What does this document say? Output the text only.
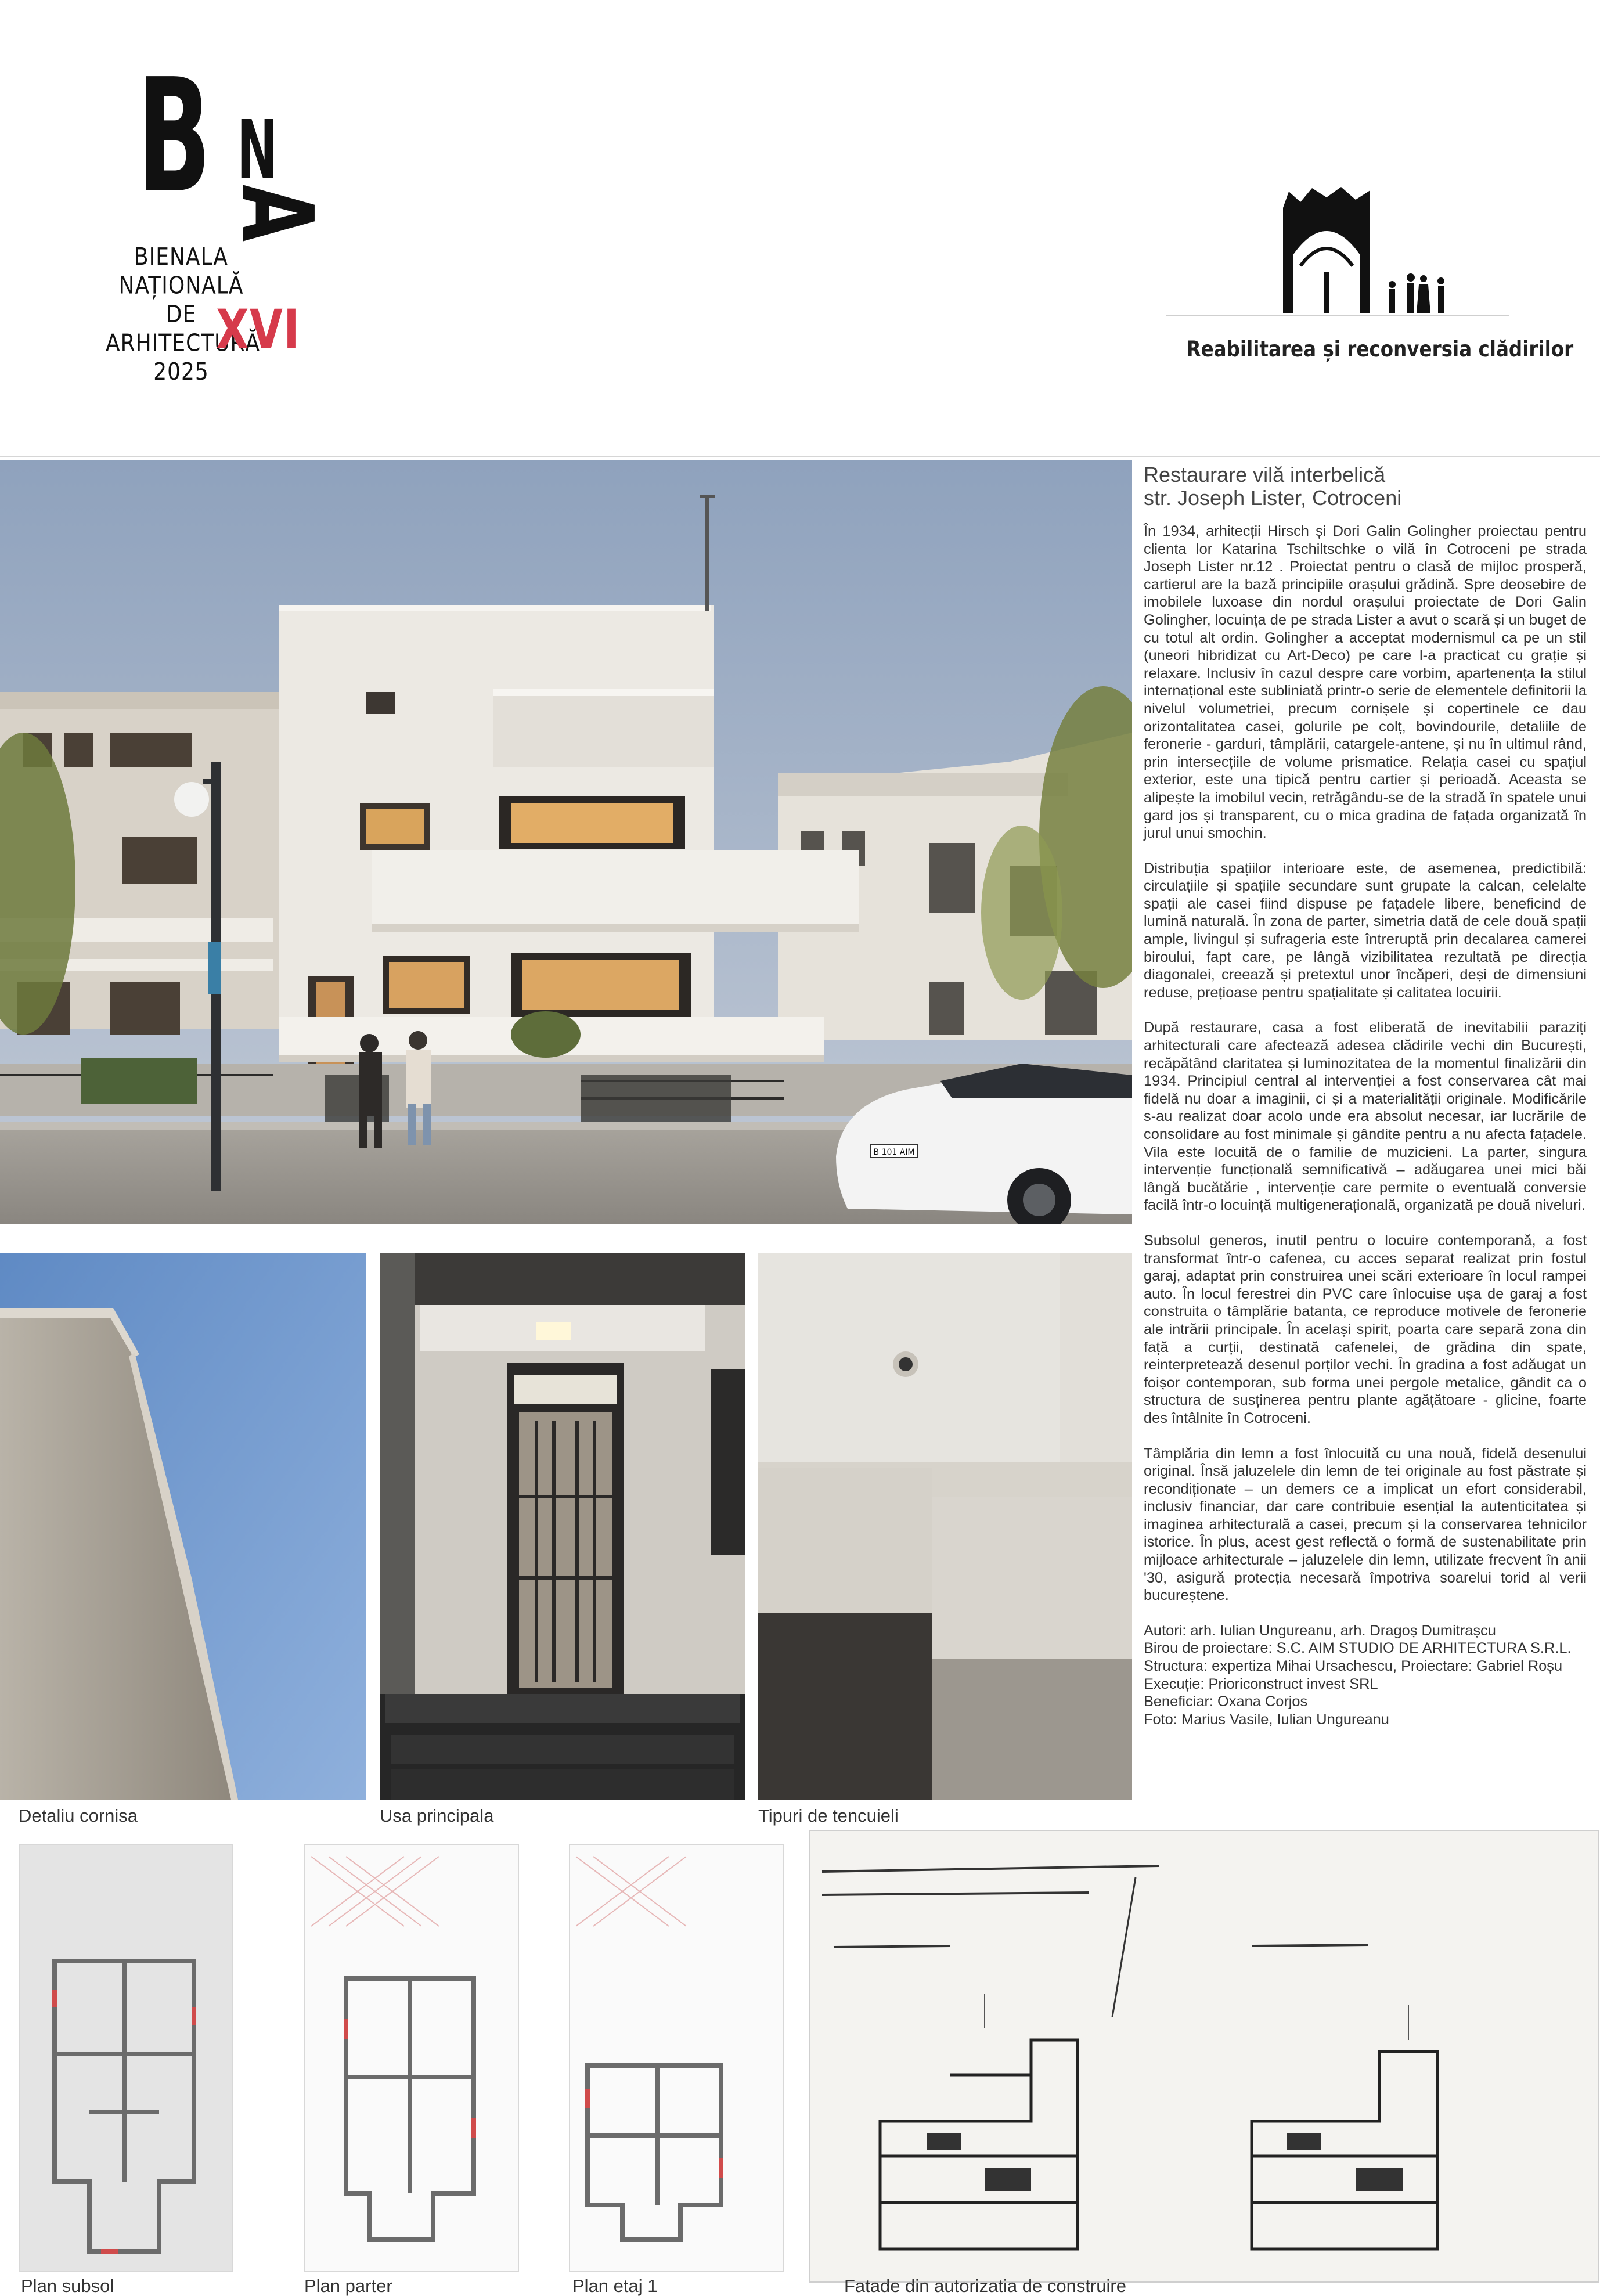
B N
A
BIENALA
NAȚIONALĂ
DE
ARHITECTURĂ
2025
XVI	Reabilitarea și reconversia clădirilor
B 101 AIM
Restaurare vilă interbelică
str. Joseph Lister, Cotroceni

În 1934, arhitecții Hirsch și Dori Galin Golingher proiectau pentru clienta lor Katarina Tschiltschke o vilă în Cotroceni pe strada Joseph Lister nr.12 . Proiectat pentru o clasă de mijloc prosperă, cartierul are la bază principiile orașului grădină. Spre deosebire de imobilele luxoase din nordul orașului proiectate de Dori Galin Golingher, locuința de pe strada Lister a avut o scară și un buget de cu totul alt ordin. Golingher a acceptat modernismul ca pe un stil (uneori hibridizat cu Art-Deco) pe care l-a practicat cu grație și relaxare. Inclusiv în cazul despre care vorbim, apartenența la stilul internațional este subliniată printr-o serie de elementele definitorii la nivelul volumetriei, precum cornișele și copertinele ce dau orizontalitatea casei, golurile pe colț, bovindourile, detaliile de feronerie - garduri, tâmplării, catargele-antene, și nu în ultimul rând, prin intersecțiile de volume prismatice. Relația casei cu spațiul exterior, este una tipică pentru cartier și perioadă. Aceasta se alipește la imobilul vecin, retrăgându-se de la stradă în spatele unui gard jos și transparent, cu o mica gradina de fațada organizată în jurul unui smochin.

Distribuția spațiilor interioare este, de asemenea, predictibilă: circulațiile și spațiile secundare sunt grupate la calcan, celelalte spații ale casei fiind dispuse pe fațadele libere, beneficind de lumină naturală. În zona de parter, simetria dată de cele două spații ample, livingul și sufrageria este întreruptă prin decalarea camerei biroului, fapt care, pe lângă vizibilitatea rezultată pe direcția diagonalei, creează și pretextul unor încăperi, deși de dimensiuni reduse, prețioase pentru spațialitate și calitatea locuirii.

După restaurare, casa a fost eliberată de inevitabilii paraziți arhitecturali care afectează adesea clădirile vechi din București, recăpătând claritatea și luminozitatea de la momentul finalizării din 1934. Principiul central al intervenției a fost conservarea cât mai fidelă nu doar a imaginii, ci și a materialității originale. Modificările s-au realizat doar acolo unde era absolut necesar, iar lucrările de consolidare au fost minimale și gândite pentru a nu afecta fațadele. Vila este locuită de o familie de muzicieni. La parter, singura intervenție funcțională semnificativă – adăugarea unei mici băi lângă bucătărie , intervenție care permite o eventuală conversie facilă într-o locuință multigenerațională, organizată pe două niveluri.

Subsolul generos, inutil pentru o locuire contemporană, a fost transformat într-o cafenea, cu acces separat realizat prin fostul garaj, adaptat prin construirea unei scări exterioare în locul rampei auto. În locul ferestrei din PVC care înlocuise ușa de garaj a fost construita o tâmplărie batanta, ce reproduce motivele de feronerie ale intrării principale. În același spirit, poarta care separă zona din față a curții, destinată cafenelei, de grădina din spate, reinterpretează desenul porților vechi. În gradina a fost adăugat un foișor contemporan, sub forma unei pergole metalice, gândit ca o structura de susținerea pentru plante agățătoare - glicine, foarte des întâlnite în Cotroceni.

Tâmplăria din lemn a fost înlocuită cu una nouă, fidelă desenului original. Însă jaluzelele din lemn de tei originale au fost păstrate și recondiționate – un demers ce a implicat un efort considerabil, inclusiv financiar, dar care contribuie esențial la autenticitatea și imaginea arhitecturală a casei, precum și la conservarea tehnicilor istorice. În plus, acest gest reflectă o formă de sustenabilitate prin mijloace arhitecturale – jaluzelele din lemn, utilizate frecvent în anii '30, asigură protecția necesară împotriva soarelui torid al verii bucureștene.

Autori: arh. Iulian Ungureanu, arh. Dragoș Dumitrașcu
Birou de proiectare: S.C. AIM STUDIO DE ARHITECTURA S.R.L.
Structura: expertiza Mihai Ursachescu, Proiectare: Gabriel Roșu
Execuție: Prioriconstruct invest SRL
Beneficiar: Oxana Corjos
Foto: Marius Vasile, Iulian Ungureanu
Detaliu cornisa	Usa principala	Tipuri de tencuieli
Plan subsol	Plan parter	Plan etaj 1	Fatade din autorizatia de construire
